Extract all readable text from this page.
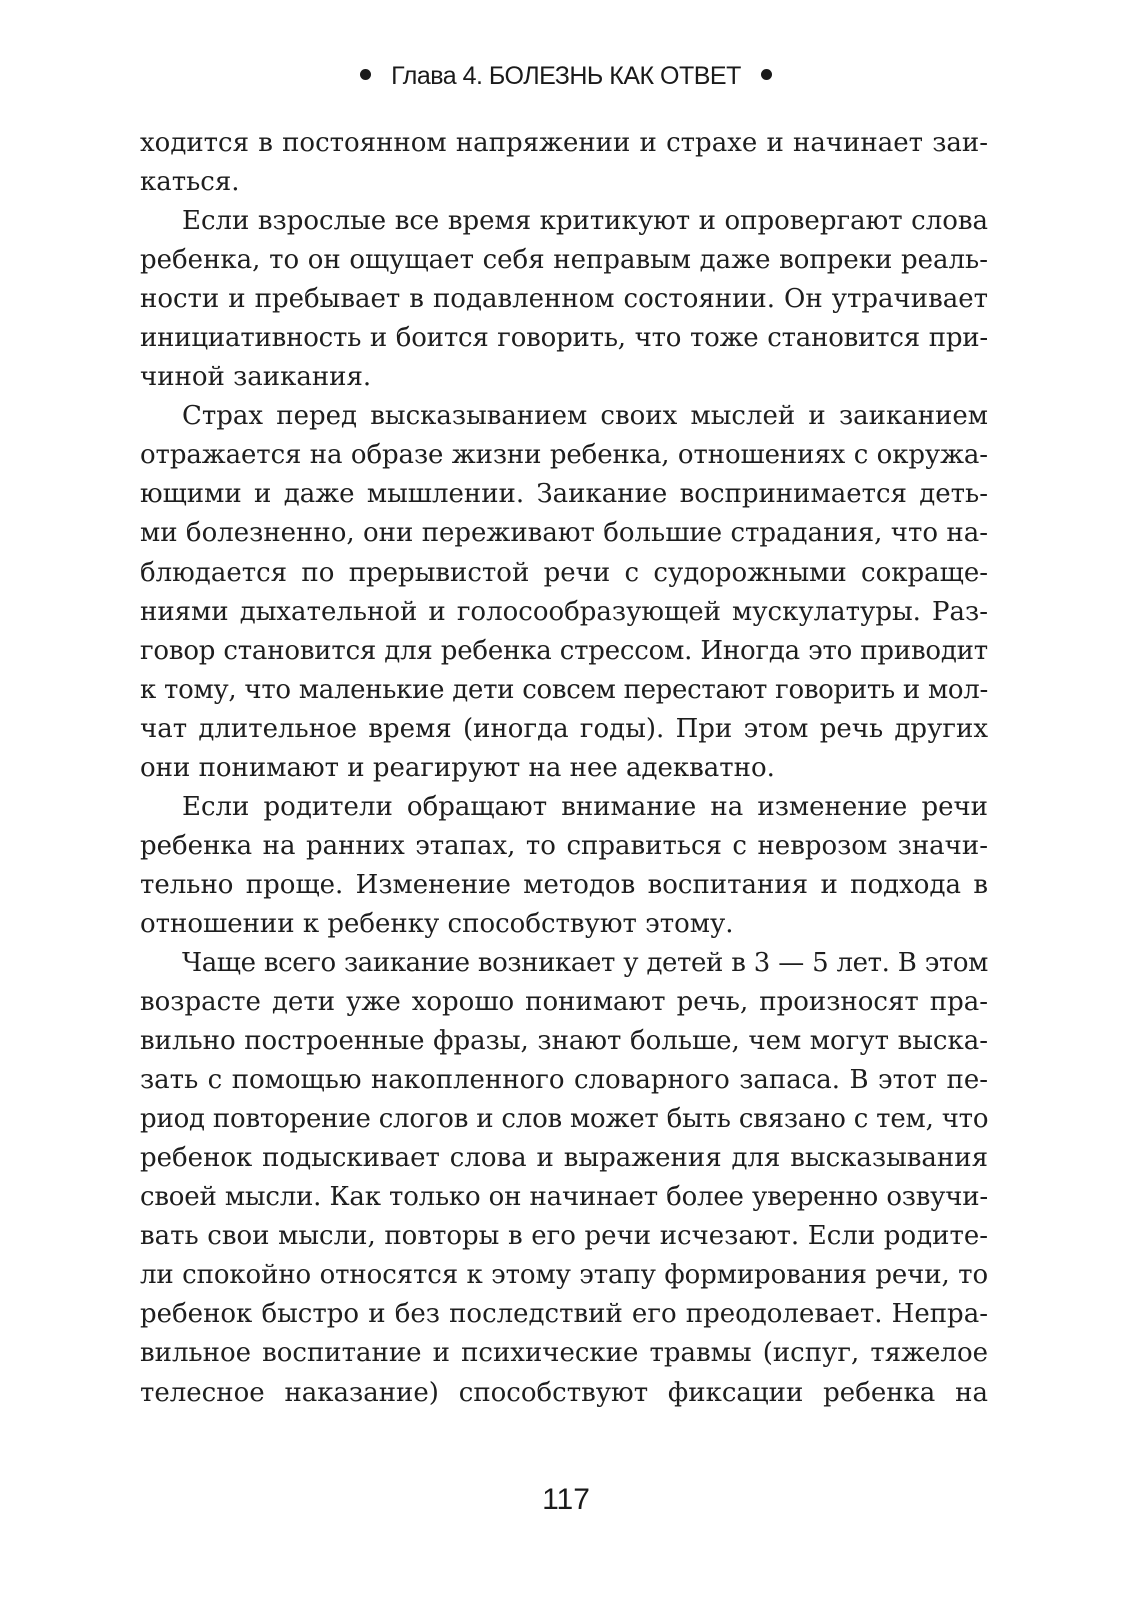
Глава 4. БОЛЕЗНЬ КАК ОТВЕТ
ходится в постоянном напряжении и страхе и начинает заи-
каться.
Если взрослые все время критикуют и опровергают слова
ребенка, то он ощущает себя неправым даже вопреки реаль-
ности и пребывает в подавленном состоянии. Он утрачивает
инициативность и боится говорить, что тоже становится при-
чиной заикания.
Страх перед высказыванием своих мыслей и заиканием
отражается на образе жизни ребенка, отношениях с окружа-
ющими и даже мышлении. Заикание воспринимается деть-
ми болезненно, они переживают большие страдания, что на-
блюдается по прерывистой речи с судорожными сокраще-
ниями дыхательной и голосообразующей мускулатуры. Раз-
говор становится для ребенка стрессом. Иногда это приводит
к тому, что маленькие дети совсем перестают говорить и мол-
чат длительное время (иногда годы). При этом речь других
они понимают и реагируют на нее адекватно.
Если родители обращают внимание на изменение речи
ребенка на ранних этапах, то справиться с неврозом значи-
тельно проще. Изменение методов воспитания и подхода в
отношении к ребенку способствуют этому.
Чаще всего заикание возникает у детей в 3 — 5 лет. В этом
возрасте дети уже хорошо понимают речь, произносят пра-
вильно построенные фразы, знают больше, чем могут выска-
зать с помощью накопленного словарного запаса. В этот пе-
риод повторение слогов и слов может быть связано с тем, что
ребенок подыскивает слова и выражения для высказывания
своей мысли. Как только он начинает более уверенно озвучи-
вать свои мысли, повторы в его речи исчезают. Если родите-
ли спокойно относятся к этому этапу формирования речи, то
ребенок быстро и без последствий его преодолевает. Непра-
вильное воспитание и психические травмы (испуг, тяжелое
телесное наказание) способствуют фиксации ребенка на
117
